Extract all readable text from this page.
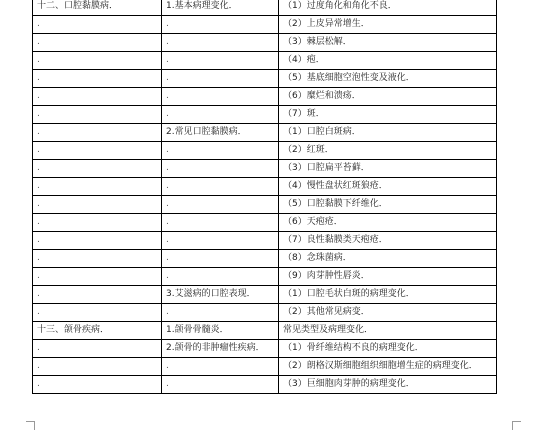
十二、口腔黏膜病．	1.基本病理变化．	（1）过度角化和角化不良．
.	.	（2）上皮异常增生．
.	.	（3）棘层松解．
.	.	（4）疱．
.	.	（5）基底细胞空泡性变及液化．
.	.	（6）糜烂和溃疡．
.	.	（7）斑．
.	2.常见口腔黏膜病．	（1）口腔白斑病．
.	.	（2）红斑．
.	.	（3）口腔扁平苔藓．
.	.	（4）慢性盘状红斑狼疮．
.	.	（5）口腔黏膜下纤维化．
.	.	（6）天疱疮．
.	.	（7）良性黏膜类天疱疮．
.	.	（8）念珠菌病．
.	.	（9）肉芽肿性唇炎．
.	3.艾滋病的口腔表现．	（1）口腔毛状白斑的病理变化．
.	.	（2）其他常见病变．
十三、颌骨疾病．	1.颌骨骨髓炎．	常见类型及病理变化．
.	2.颌骨的非肿瘤性疾病．	（1）骨纤维结构不良的病理变化．
.	.	（2）朗格汉斯细胞组织细胞增生症的病理变化．
.	.	（3）巨细胞肉芽肿的病理变化．
